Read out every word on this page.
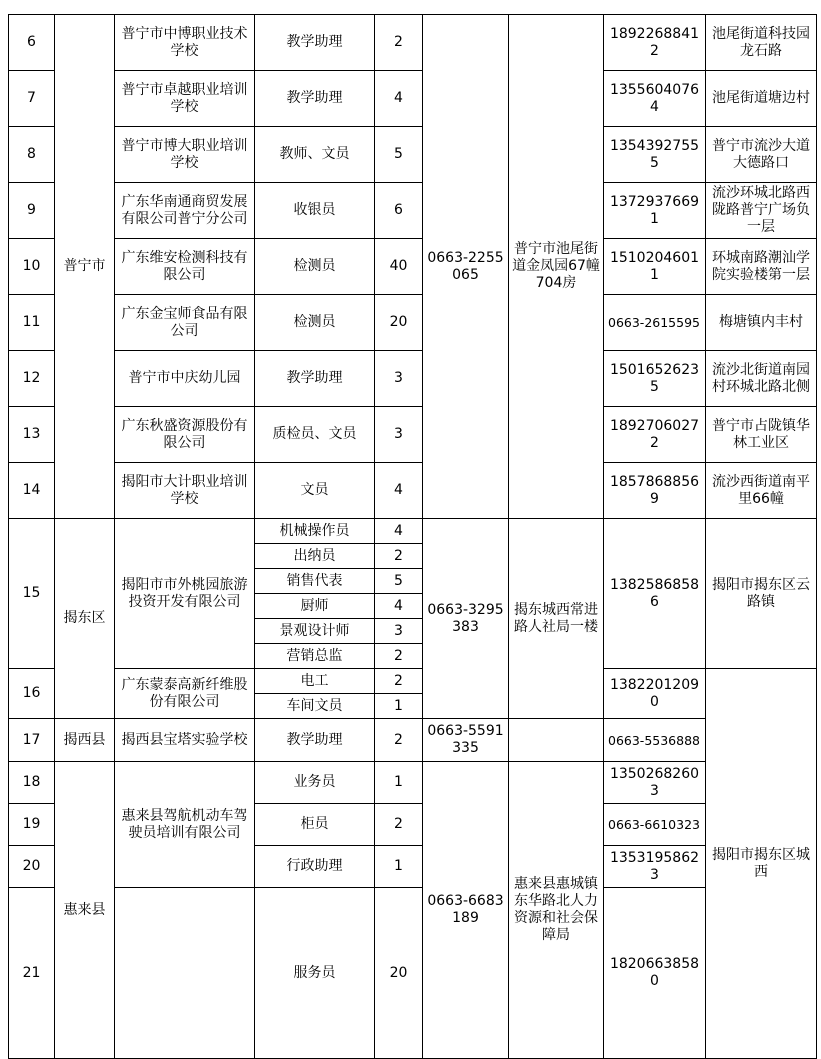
6	普宁市	普宁市中博职业技术学校	教学助理	2	0663-2255065	普宁市池尾街道金凤园67幢704房	18922688412	池尾街道科技园龙石路	
7		普宁市卓越职业培训学校	教学助理	4			13556040764	池尾街道塘边村	
8		普宁市博大职业培训学校	教师、文员	5			13543927555	普宁市流沙大道大德路口	
9		广东华南通商贸发展有限公司普宁分公司	收银员	6			13729376691	流沙环城北路西陇路普宁广场负一层	
10		广东维安检测科技有限公司	检测员	40			15102046011	环城南路潮汕学院实验楼第一层	
11		广东金宝师食品有限公司	检测员	20			0663-2615595	梅塘镇内丰村	
12		普宁市中庆幼儿园	教学助理	3			15016526235	流沙北街道南园村环城北路北侧	
13		广东秋盛资源股份有限公司	质检员、文员	3			18927060272	普宁市占陇镇华林工业区	
14		揭阳市大计职业培训学校	文员	4			18578688569	流沙西街道南平里66幢	
15	揭东区	揭阳市市外桃园旅游投资开发有限公司	机械操作员	4	0663-3295383	揭东城西常进路人社局一楼	13825868586	揭阳市揭东区云路镇	
			出纳员	2					
			销售代表	5					
			厨师	4					
			景观设计师	3					
			营销总监	2					
16		广东蒙泰高新纤维股份有限公司	电工	2			13822012090	揭阳市揭东区城西	
			车间文员	1					
17	揭西县	揭西县宝塔实验学校	教学助理	2	0663-5591335		0663-5536888		
18	惠来县	惠来县驾航机动车驾驶员培训有限公司	业务员	1	0663-6683189	惠来县惠城镇东华路北人力资源和社会保障局	13502682603		
19			柜员	2			0663-6610323		
20			行政助理	1			13531958623		
21			服务员	20			18206638580	
